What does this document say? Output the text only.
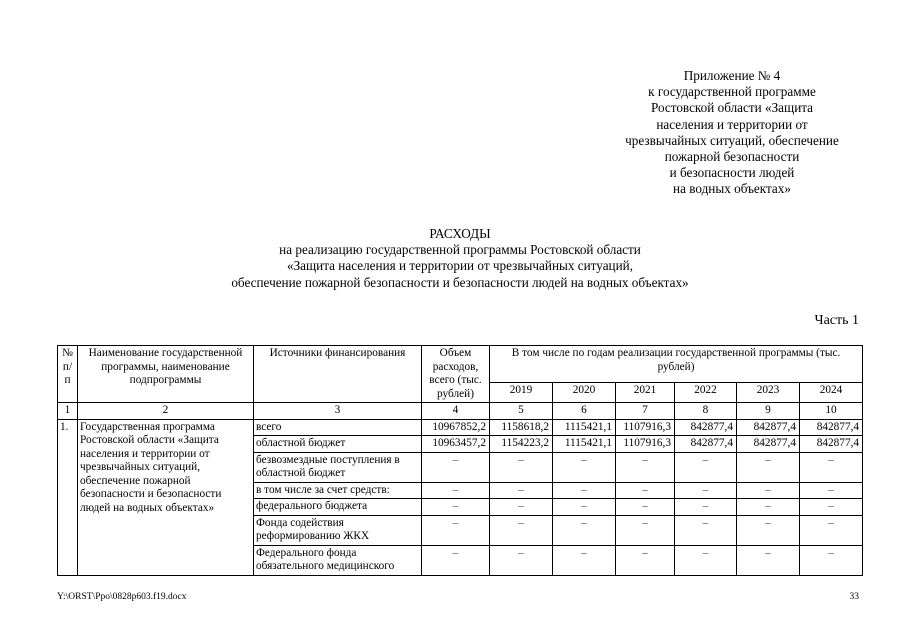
Приложение № 4
к государственной программе
Ростовской области «Защита
населения и территории от
чрезвычайных ситуаций, обеспечение
пожарной безопасности
и безопасности людей
на водных объектах»
РАСХОДЫ
на реализацию государственной программы Ростовской области
«Защита населения и территории от чрезвычайных ситуаций,
обеспечение пожарной безопасности и безопасности людей на водных объектах»
Часть 1
№ п/п	Наименование государственной программы, наименование подпрограммы	Источники финансирования	Объем расходов, всего (тыс. рублей)	В том числе по годам реализации государственной программы (тыс. рублей)					
				2019	2020	2021	2022	2023	2024
1	2	3	4	5	6	7	8	9	10
1.	Государственная программа Ростовской области «Защита населения и территории от чрезвычайных ситуаций, обеспечение пожарной безопасности и безопасности людей на водных объектах»	всего	10967852,2	1158618,2	1115421,1	1107916,3	842877,4	842877,4	842877,4
		областной бюджет	10963457,2	1154223,2	1115421,1	1107916,3	842877,4	842877,4	842877,4
		безвозмездные поступления в областной бюджет	–	–	–	–	–	–	–
		в том числе за счет средств:	–	–	–	–	–	–	–
		федерального бюджета	–	–	–	–	–	–	–
		Фонда содействия реформированию ЖКХ	–	–	–	–	–	–	–
		Федерального фонда обязательного медицинского	–	–	–	–	–	–	–
Y:\ORST\Ppo\0828p603.f19.docx	33
